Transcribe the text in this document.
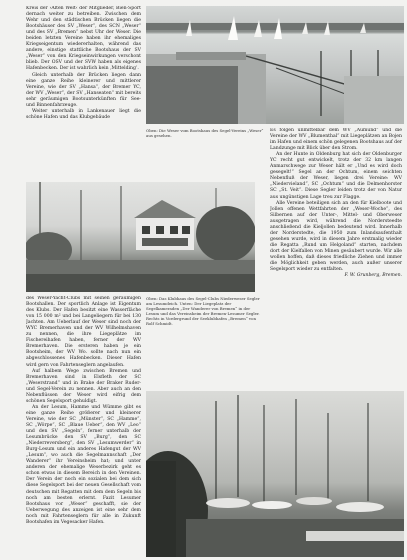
Kreis der ›Alten Welt‹ der Mitglieder, Bien-Sport dernach weiter zu betreiben. Zwischen dem Wehr und den städtischen Brücken liegen die Bootshäuser des SV „Weser“, des SCN „Weser“ und des SV „Bremen“ nebst Uhr der Weser. Die beiden letzten Vereine haben ihr ehemaliges Kriegseigentum wiedererhalten, während das andere, einstige stattliche Bootshaus der SV „Weser“ von den Kriegseinwirkungen verschont blieb. Der OSV und der SVW haben als eigenes Hafenbecken. Der ist wahrlich kein ‚Mittelding‘.

Gleich unterhalb der Brücken liegen dann eine ganze Reihe kleinerer und mittlerer Vereine, wie der SV „Hansa“, der Bremer YC, der WV „Weser“, der SV „Hanseaten“ mit bereits sehr geräumigen Bootsunterkünften für See- und Binnenfahrzeuge.

Weiter unterhalb in Lankenauer liegt die schöne Hafen und das Klubgebäude

Oben: Die Weser vom Bootshaus des Segel-Vereins „Weser“ aus gesehen.

Es folgen unmittelbar dem WV „Aumund“ und die Vereine der WV „Blumenthal“ mit Liegeplätzen an Bojen im Hafen und einem schön gelegenen Bootshaus auf der Landzunge mit Blick über den Strom.

An der Hunte in Oldenburg hat sich der Oldenburger YC recht gut entwickelt, trotz der 32 km langen Anmarschwege zur Weser hält er „Und es wird doch gesegelt!“ Segel an der Ochtum, einem seichten Nebenfluß der Weser, liegen drei Vereine: WV „Niedervieland“, SC „Ochtum“ und die Delmenhorster SC „St. Veit“. Diese Segler leiden trotz der von Natur aus ungünstigen Lage treu zur Flagge.

Alle Vereine beteiligen sich an den für Kielboote und Jollen offenen Wettfahrten der „Weser-Woche“, des Silbernen auf der Unter-, Mittel- und Oberweser ausgetragen wird, während die Nordersteedte anschließend die Kieljollen bedeutend wird. Innerhalb der Norderstedte, die 1950 zum Inlandsaufenthalt gesehen wurde, wird in diesem Jahre erstmalig wieder die Regatta „Rund um Helgoland“ starten, nachdem dort der Kielfallen von Minen gesäubert wurde. Wir alle wollen hoffen, daß dieses friedliche Ziehen und immer die Möglichkeit geben werden, auch außer unserer Segelsport wieder zu entfalten.

F. W. Grunberg, Bremen.

des Weser-Yacht-Clubs mit seinen geräumigen Bootshallen. Der sportlich Anlage ist Eigentum des Klubs. Der Hafen besitzt eine Wasserfläche von 15 000 m² und bei Langeliegern für bei 130 Jachten. Am Ueberlauf der Weser sind noch der WYC Bremerhaven und der WV Wilhelmshaven zu nennen, die ihre Liegeplätze im Fischereihafen haben, ferner der WV Bremerhaven. Die ersteren haben je ein Bootsheim, der WV Wo. sollte nach nun ein abgeschlossenes Hafenbecken. Dieser Hafen wird gern von Fahrtenseglern angelaufen.

Auf halbem Wege zwischen Bremen und Bremerhaven sind in Elsfleth der SC „Weserstrand“ und in Brake der Braker Ruder- und Segel-Verein zu nennen. Aber auch an den Nebenflüssen der Weser wird eifrig dem schönen Segelsport gehuldigt.

An der Lesum, Hamme und Wümme gibt es eine ganze Reihe größerer und kleinerer Vereine, wie der SC „Münster“, SC „Hamme“, SC „Wörpe“, SC „Blaue Ueber“, den WV „Leo“ und den SV „Segeln“, ferner unterhalb der Lesumbrücke den SV „Burg“, den SC „Niederreversberg“, den SV „Lesumwerder“ in Burg-Lesum und ein anderes Hafengut der WV „Lesum“, wo auch die Segelmannschaft „Der Wanderer“ ihr Vereinsheim hat; und unter anderen der ehemalige Weserbezirk geht es schon etwas in diesem Bereich in den Vereinen. Der Verein der noch ein sozialen bei dem sich diese Segelsport bei der neuen Gesellschaft vom deutschen mit Regatten mit dem dem Segeln bis noch am besten erlernt. Fazit Lesumer Bootshaus vor „Weser“ geschafft, sie der Ueberwegung des anzeigen ist eine sehr dem noch mit Fahrtenseglern für alle in Zukunft Bootshafen im Vegesacker Hafen.

Oben: Das Klubhaus des Segel-Clubs Niederweser Segler am Lesumdeich. Unten: Der Liegeplatz der Segelkameraden „Der Wanderer von Bremen“ in der Lesum und das Vereinsheim der Bremen-Lesumer Segler. Rechts in Vordergrund der Seeklubhafen „Bremen“ von Rolf Schmidt.
